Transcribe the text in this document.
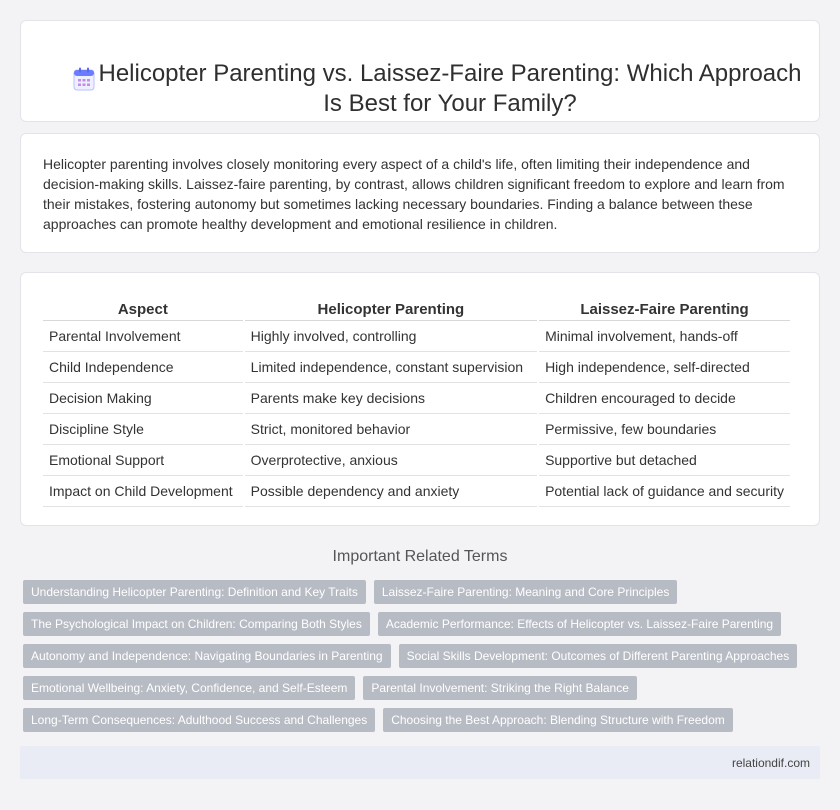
Helicopter Parenting vs. Laissez-Faire Parenting: Which Approach Is Best for Your Family?

Helicopter parenting involves closely monitoring every aspect of a child's life, often limiting their independence and decision-making skills. Laissez-faire parenting, by contrast, allows children significant freedom to explore and learn from their mistakes, fostering autonomy but sometimes lacking necessary boundaries. Finding a balance between these approaches can promote healthy development and emotional resilience in children.

Aspect	Helicopter Parenting	Laissez-Faire Parenting
Parental Involvement	Highly involved, controlling	Minimal involvement, hands-off
Child Independence	Limited independence, constant supervision	High independence, self-directed
Decision Making	Parents make key decisions	Children encouraged to decide
Discipline Style	Strict, monitored behavior	Permissive, few boundaries
Emotional Support	Overprotective, anxious	Supportive but detached
Impact on Child Development	Possible dependency and anxiety	Potential lack of guidance and security
Important Related Terms
Understanding Helicopter Parenting: Definition and Key Traits	Laissez-Faire Parenting: Meaning and Core Principles
The Psychological Impact on Children: Comparing Both Styles	Academic Performance: Effects of Helicopter vs. Laissez-Faire Parenting
Autonomy and Independence: Navigating Boundaries in Parenting	Social Skills Development: Outcomes of Different Parenting Approaches
Emotional Wellbeing: Anxiety, Confidence, and Self-Esteem	Parental Involvement: Striking the Right Balance
Long-Term Consequences: Adulthood Success and Challenges	Choosing the Best Approach: Blending Structure with Freedom
relationdif.com
